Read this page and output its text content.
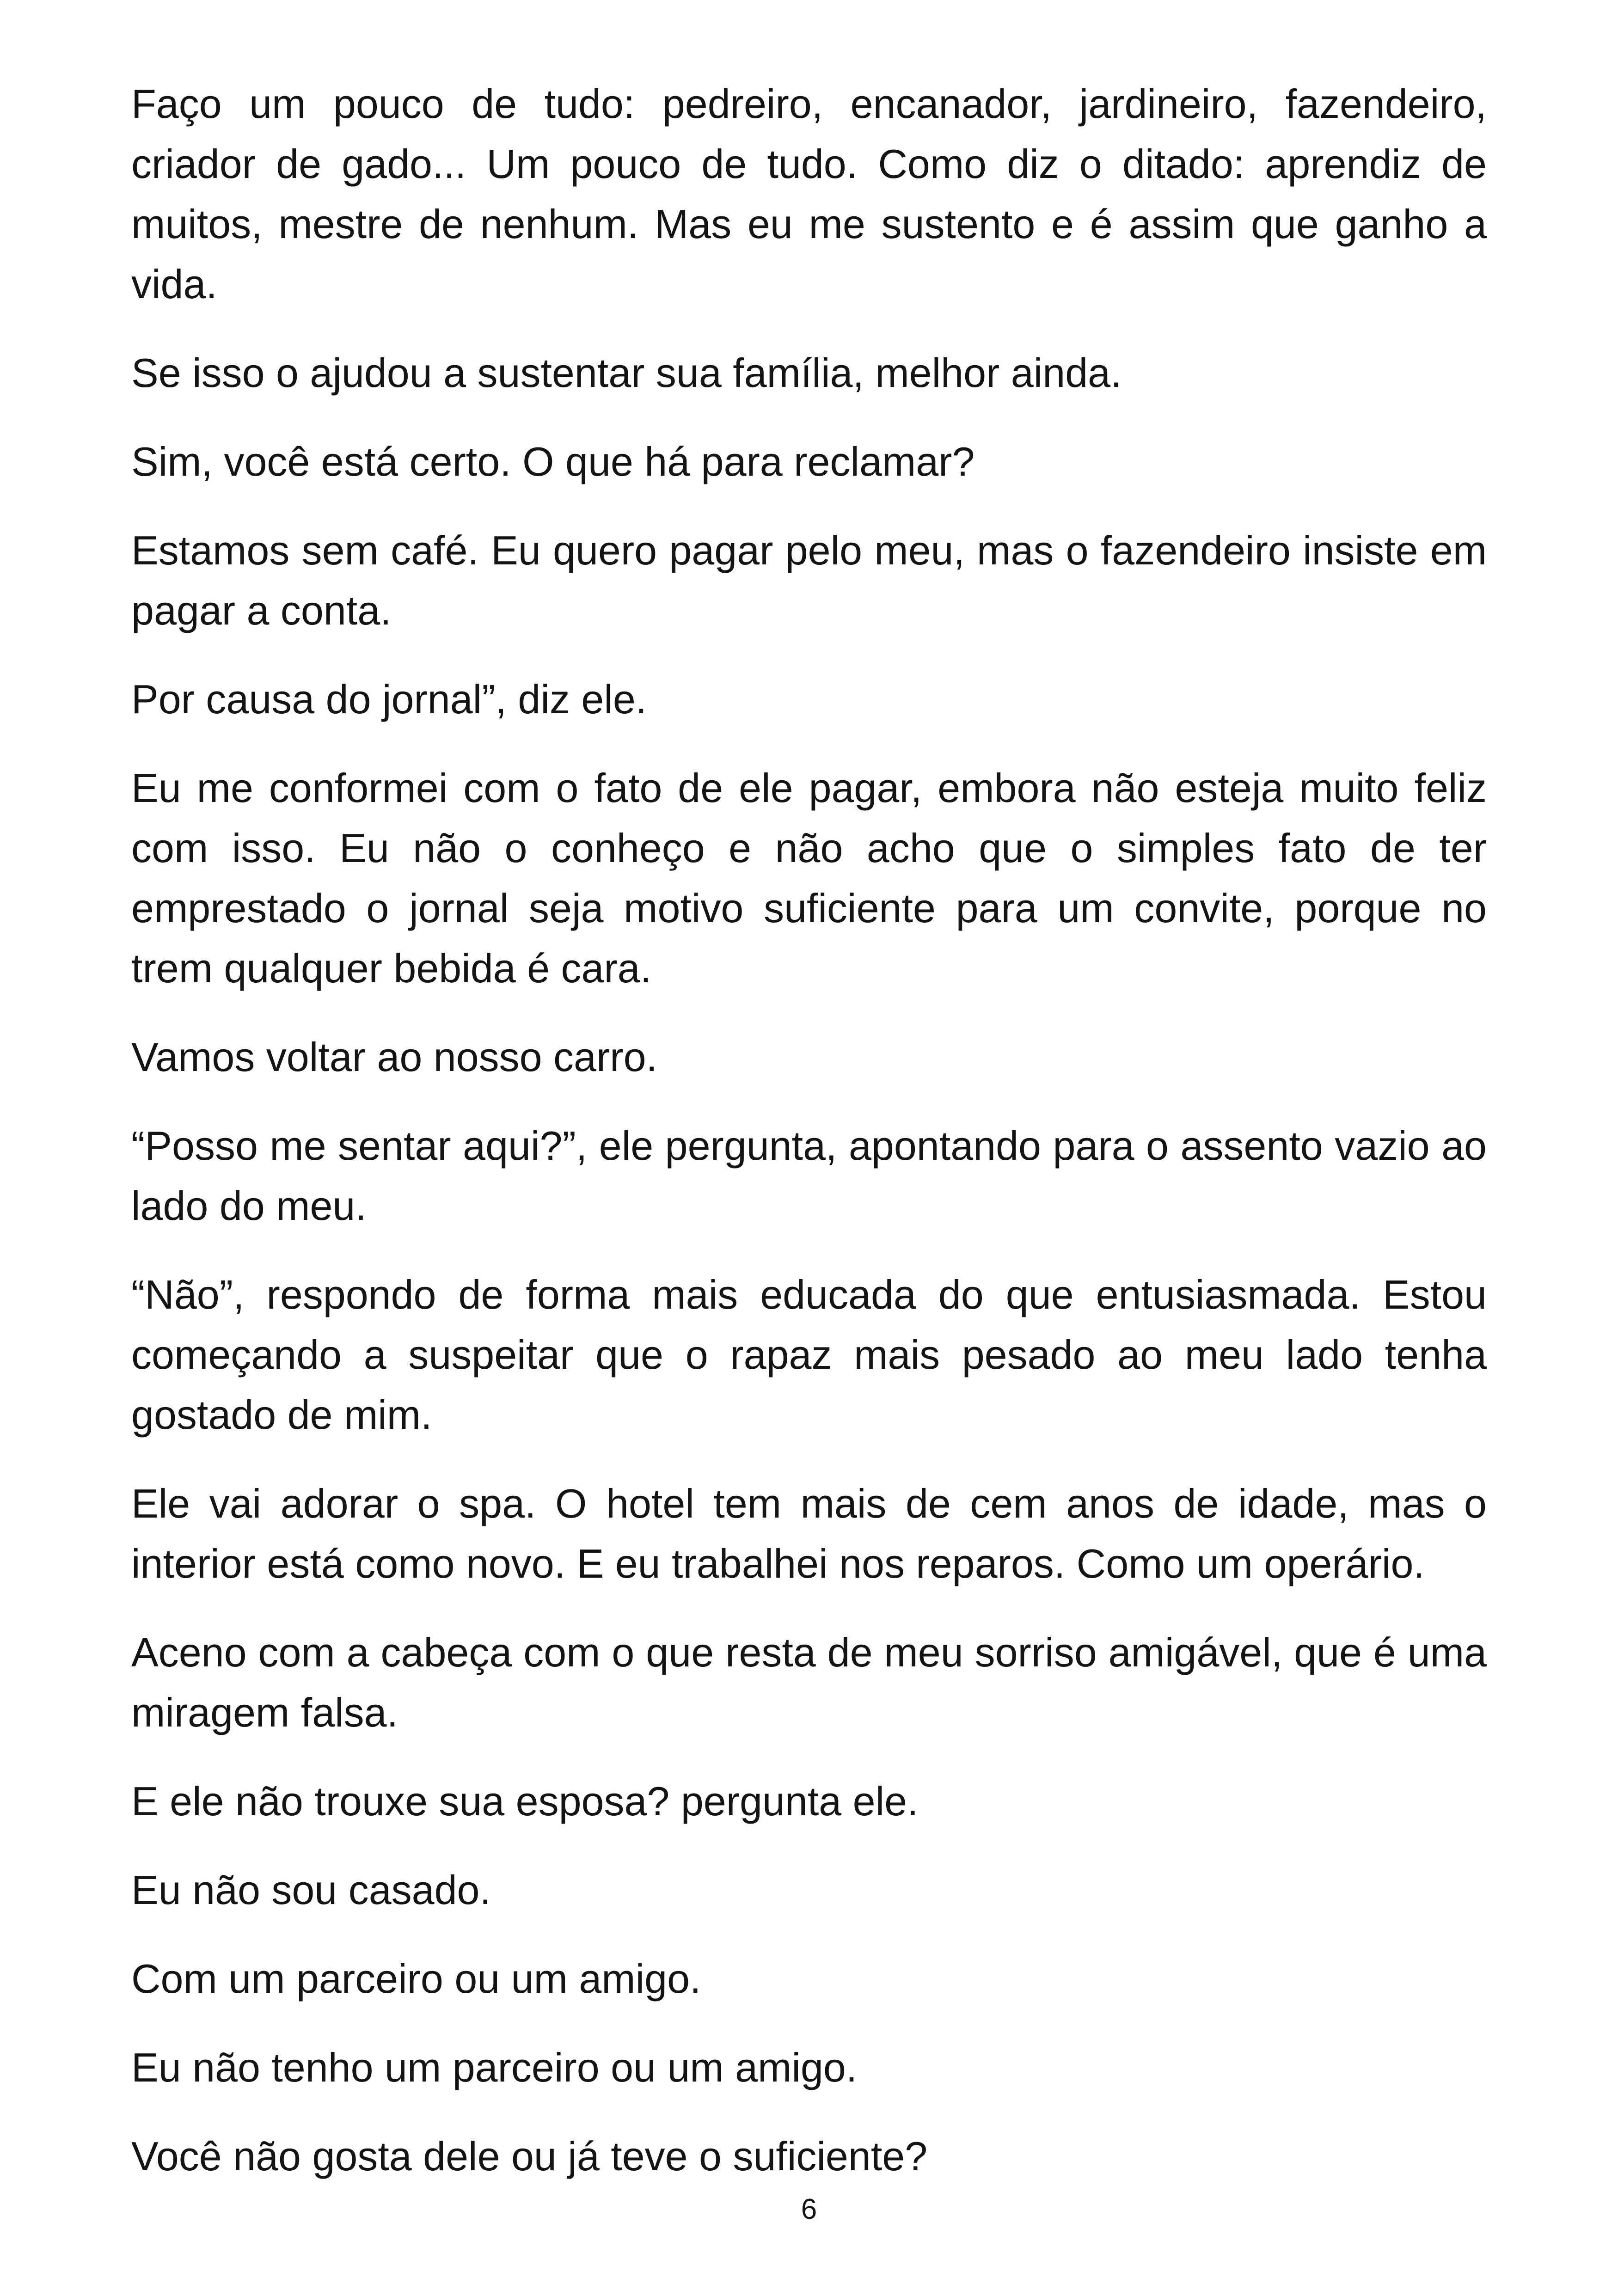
Faço um pouco de tudo: pedreiro, encanador, jardineiro, fazendeiro, criador de gado... Um pouco de tudo. Como diz o ditado: aprendiz de muitos, mestre de nenhum. Mas eu me sustento e é assim que ganho a vida.

Se isso o ajudou a sustentar sua família, melhor ainda.

Sim, você está certo. O que há para reclamar?

Estamos sem café. Eu quero pagar pelo meu, mas o fazendeiro insiste em pagar a conta.

Por causa do jornal”, diz ele.

Eu me conformei com o fato de ele pagar, embora não esteja muito feliz com isso. Eu não o conheço e não acho que o simples fato de ter emprestado o jornal seja motivo suficiente para um convite, porque no trem qualquer bebida é cara.

Vamos voltar ao nosso carro.

“Posso me sentar aqui?”, ele pergunta, apontando para o assento vazio ao lado do meu.

“Não”, respondo de forma mais educada do que entusiasmada. Estou começando a suspeitar que o rapaz mais pesado ao meu lado tenha gostado de mim.

Ele vai adorar o spa. O hotel tem mais de cem anos de idade, mas o interior está como novo. E eu trabalhei nos reparos. Como um operário.

Aceno com a cabeça com o que resta de meu sorriso amigável, que é uma miragem falsa.

E ele não trouxe sua esposa? pergunta ele.

Eu não sou casado.

Com um parceiro ou um amigo.

Eu não tenho um parceiro ou um amigo.

Você não gosta dele ou já teve o suficiente?

6
